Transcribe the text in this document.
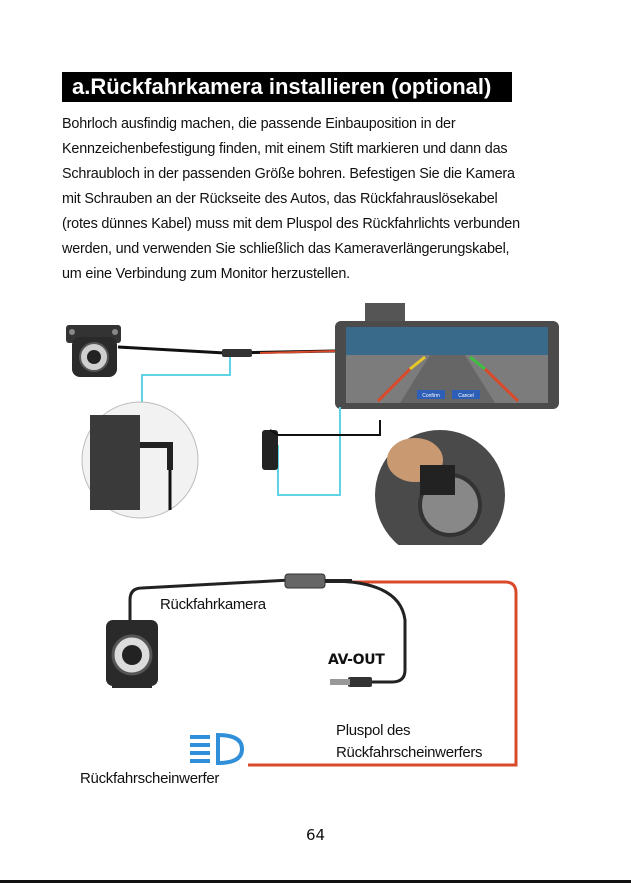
a.Rückfahrkamera installieren (optional)
Bohrloch ausfindig machen, die passende Einbauposition in der
Kennzeichenbefestigung finden, mit einem Stift markieren und dann das
Schraubloch in der passenden Größe bohren. Befestigen Sie die Kamera
mit Schrauben an der Rückseite des Autos, das Rückfahrauslösekabel
(rotes dünnes Kabel) muss mit dem Pluspol des Rückfahrlichts verbunden
werden, und verwenden Sie schließlich das Kameraverlängerungskabel,
um eine Verbindung zum Monitor herzustellen.
Confirm	Cancel
Rückfahrkamera
AV-OUT
Pluspol des
Rückfahrscheinwerfers
Rückfahrscheinwerfer
64
